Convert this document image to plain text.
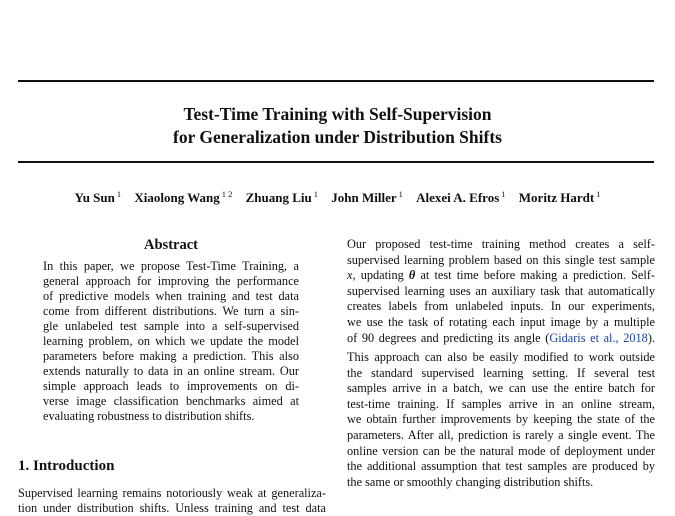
Test-Time Training with Self-Supervision
for Generalization under Distribution Shifts
Yu Sun $^1$ Xiaolong Wang $^{1 2}$ Zhuang Liu $^1$ John Miller $^1$ Alexei A. Efros $^1$ Moritz Hardt $^1$
Abstract
In this paper, we propose Test-Time Training, a
general approach for improving the performance
of predictive models when training and test data
come from different distributions. We turn a sin-
gle unlabeled test sample into a self-supervised
learning problem, on which we update the model
parameters before making a prediction. This also
extends naturally to data in an online stream. Our
simple approach leads to improvements on di-
verse image classification benchmarks aimed at
evaluating robustness to distribution shifts.
1. Introduction
Supervised learning remains notoriously weak at generaliza-
tion under distribution shifts. Unless training and test data
Our proposed test-time training method creates a self-
supervised learning problem based on this single test sample
x, updating θ at test time before making a prediction. Self-
supervised learning uses an auxiliary task that automatically
creates labels from unlabeled inputs. In our experiments,
we use the task of rotating each input image by a multiple
of 90 degrees and predicting its angle (Gidaris et al., 2018).
This approach can also be easily modified to work outside
the standard supervised learning setting. If several test
samples arrive in a batch, we can use the entire batch for
test-time training. If samples arrive in an online stream,
we obtain further improvements by keeping the state of the
parameters. After all, prediction is rarely a single event. The
online version can be the natural mode of deployment under
the additional assumption that test samples are produced by
the same or smoothly changing distribution shifts.
